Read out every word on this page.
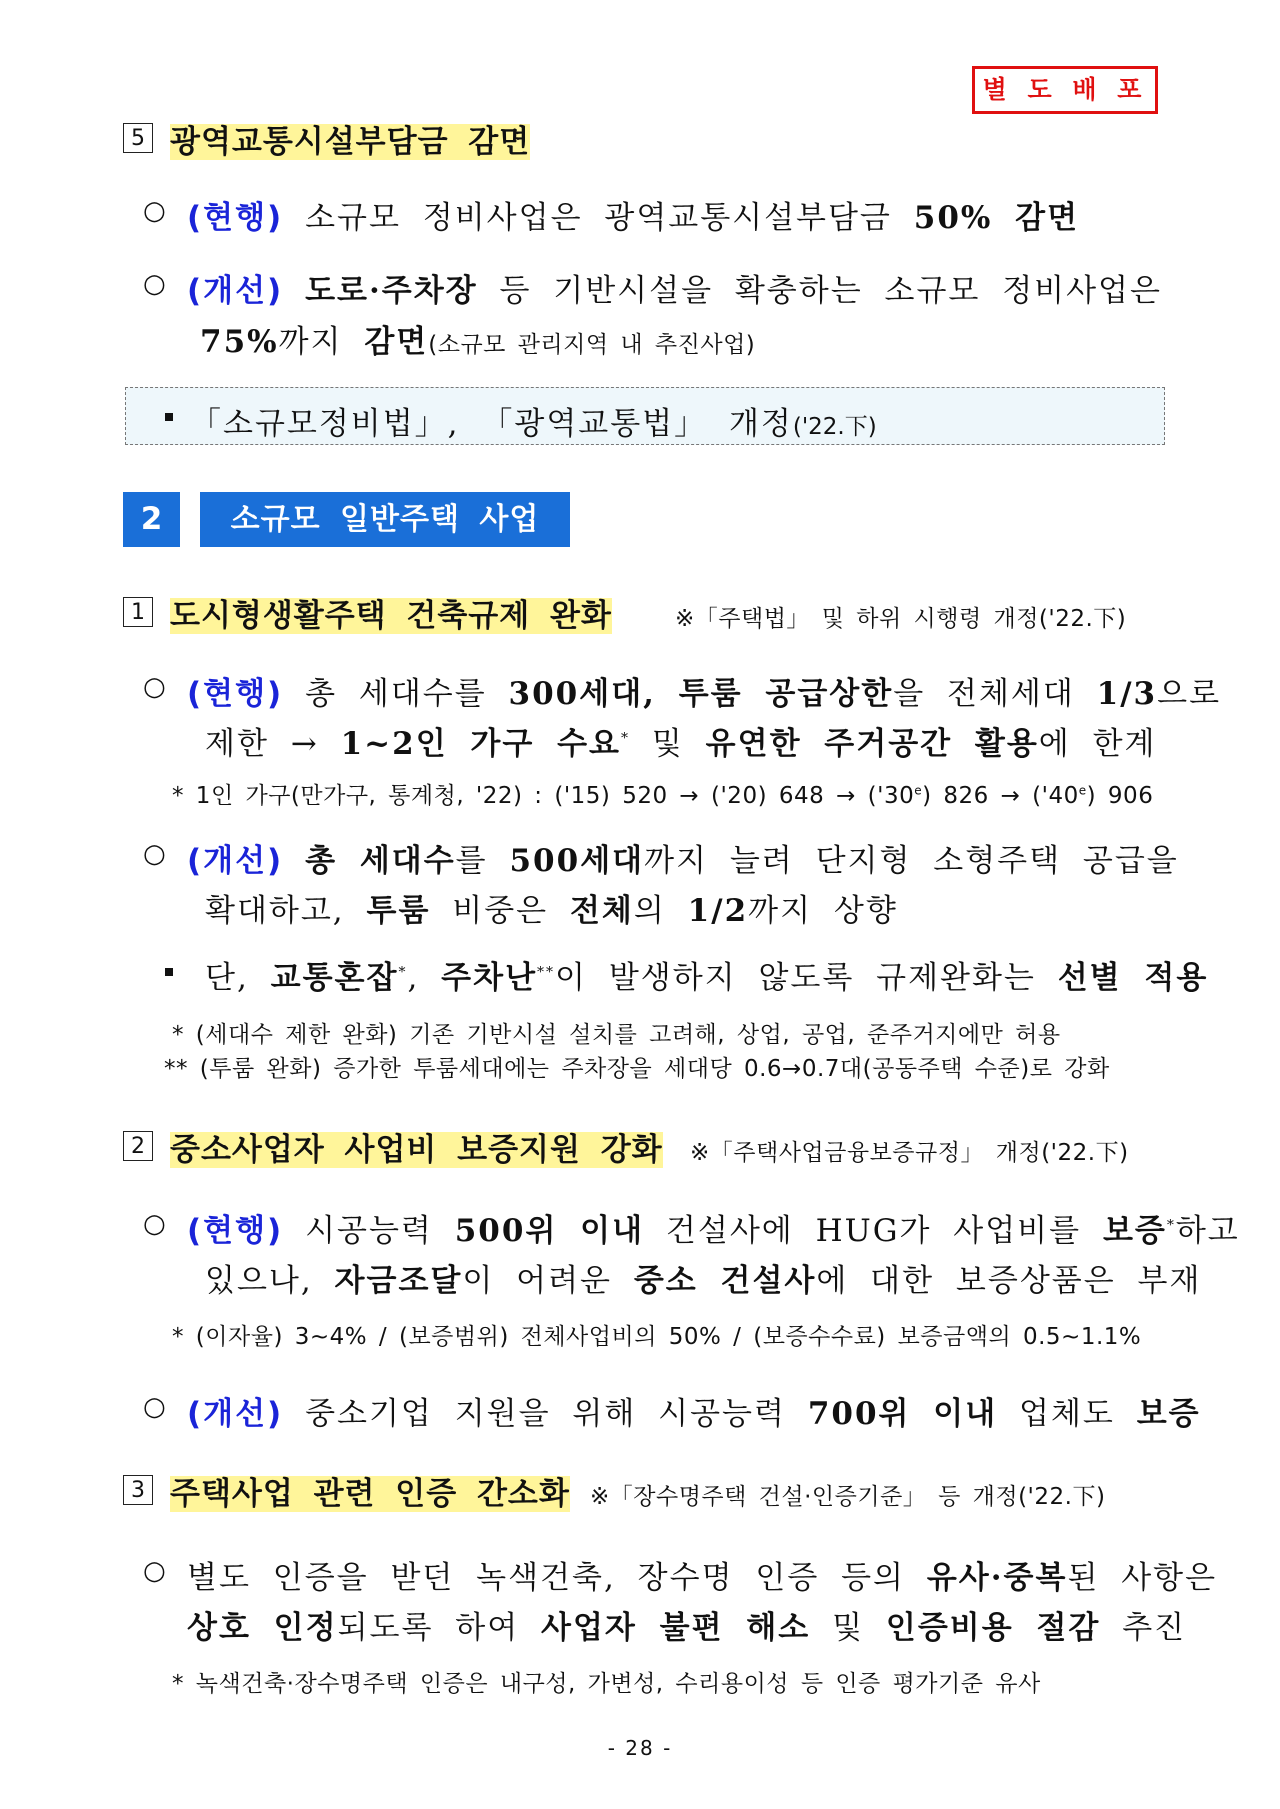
별 도 배 포
5 광역교통시설부담금 감면
○ (현행) 소규모 정비사업은 광역교통시설부담금 50% 감면
○ (개선) 도로·주차장 등 기반시설을 확충하는 소규모 정비사업은
75%까지 감면(소규모 관리지역 내 추진사업)
「소규모정비법」, 「광역교통법」 개정('22.下)
2	소규모 일반주택 사업
1 도시형생활주택 건축규제 완화	※「주택법」 및 하위 시행령 개정('22.下)
○ (현행) 총 세대수를 300세대, 투룸 공급상한을 전체세대 1/3으로
제한 → 1~2인 가구 수요* 및 유연한 주거공간 활용에 한계
* 1인 가구(만가구, 통계청, '22) : ('15) 520 → ('20) $648 \to ('30^e) 826 \to ('40^e)$ 906
○ (개선) 총 세대수를 500세대까지 늘려 단지형 소형주택 공급을
확대하고, 투룸 비중은 전체의 1/2까지 상향
단, 교통혼잡*, 주차난**이 발생하지 않도록 규제완화는 선별 적용
* (세대수 제한 완화) 기존 기반시설 설치를 고려해, 상업, 공업, 준주거지에만 허용
** (투룸 완화) 증가한 투룸세대에는 주차장을 세대당 0.6→0.7대(공동주택 수준)로 강화
2 중소사업자 사업비 보증지원 강화 ※「주택사업금융보증규정」 개정('22.下)
○ (현행) 시공능력 500위 이내 건설사에 HUG가 사업비를 보증*하고
있으나, 자금조달이 어려운 중소 건설사에 대한 보증상품은 부재
* (이자율) 3~4% / (보증범위) 전체사업비의 50% / (보증수수료) 보증금액의 0.5~1.1%
○ (개선) 중소기업 지원을 위해 시공능력 700위 이내 업체도 보증
3 주택사업 관련 인증 간소화 ※「장수명주택 건설·인증기준」 등 개정('22.下)
○ 별도 인증을 받던 녹색건축, 장수명 인증 등의 유사·중복된 사항은
상호 인정되도록 하여 사업자 불편 해소 및 인증비용 절감 추진
* 녹색건축·장수명주택 인증은 내구성, 가변성, 수리용이성 등 인증 평가기준 유사
- 28 -
